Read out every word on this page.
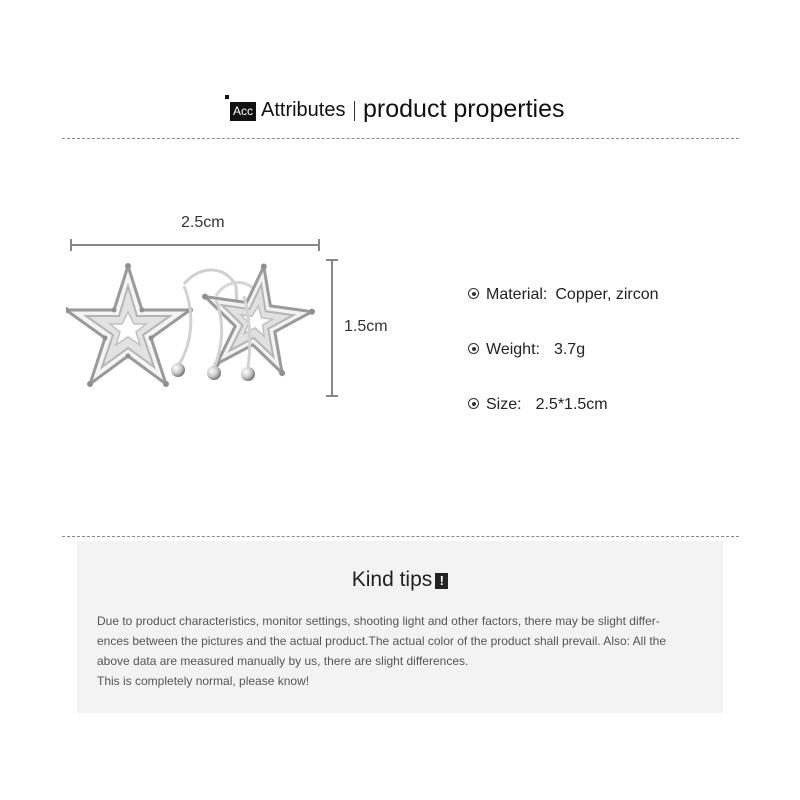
Acc Attributes product properties
2.5cm
1.5cm
Material: Copper, zircon
Weight: 3.7g
Size: 2.5*1.5cm
Kind tips !
Due to product characteristics, monitor settings, shooting light and other factors, there may be slight differ-
ences between the pictures and the actual product.The actual color of the product shall prevail. Also: All the
above data are measured manually by us, there are slight differences.
This is completely normal, please know!
